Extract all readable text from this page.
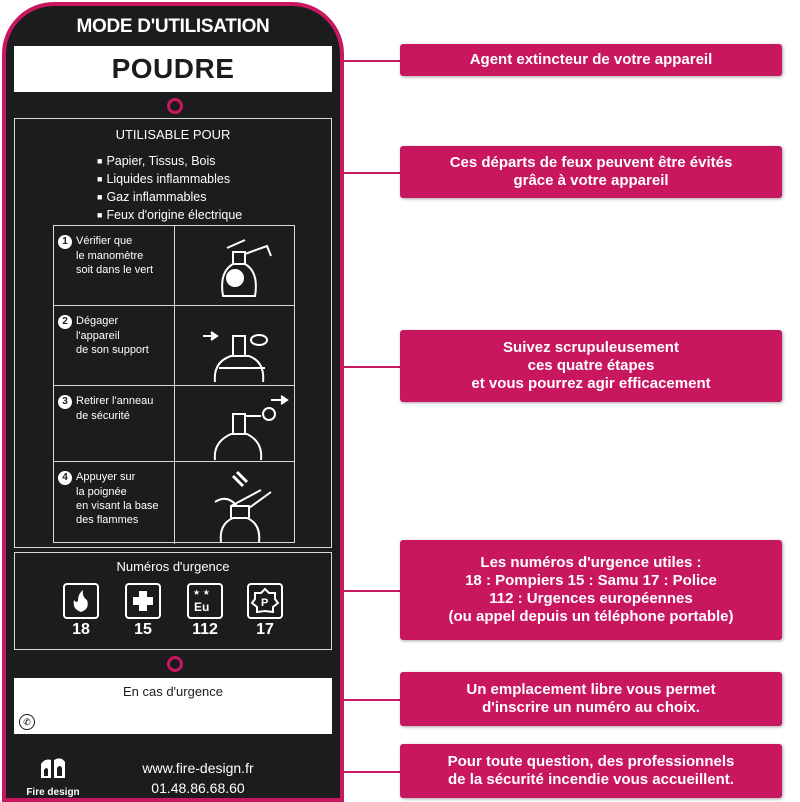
MODE D'UTILISATION
POUDRE
UTILISABLE POUR
■ Papier, Tissus, Bois
■ Liquides inflammables
■ Gaz inflammables
■ Feux d'origine électrique
1 Vérifier que
le manomètre
soit dans le vert
2 Dégager
l'appareil
de son support
3 Retirer l'anneau
de sécurité
4 Appuyer sur
la poignée
en visant la base
des flammes
Numéros d'urgence
18	15
★ ★
Eu
112
P
17
En cas d'urgence
✆
Fire design
www.fire-design.fr
01.48.86.68.60
Agent extincteur de votre appareil
Ces départs de feux peuvent être évités
grâce à votre appareil
Suivez scrupuleusement
ces quatre étapes
et vous pourrez agir efficacement
Les numéros d'urgence utiles :
18 : Pompiers 15 : Samu 17 : Police
112 : Urgences européennes
(ou appel depuis un téléphone portable)
Un emplacement libre vous permet
d'inscrire un numéro au choix.
Pour toute question, des professionnels
de la sécurité incendie vous accueillent.
